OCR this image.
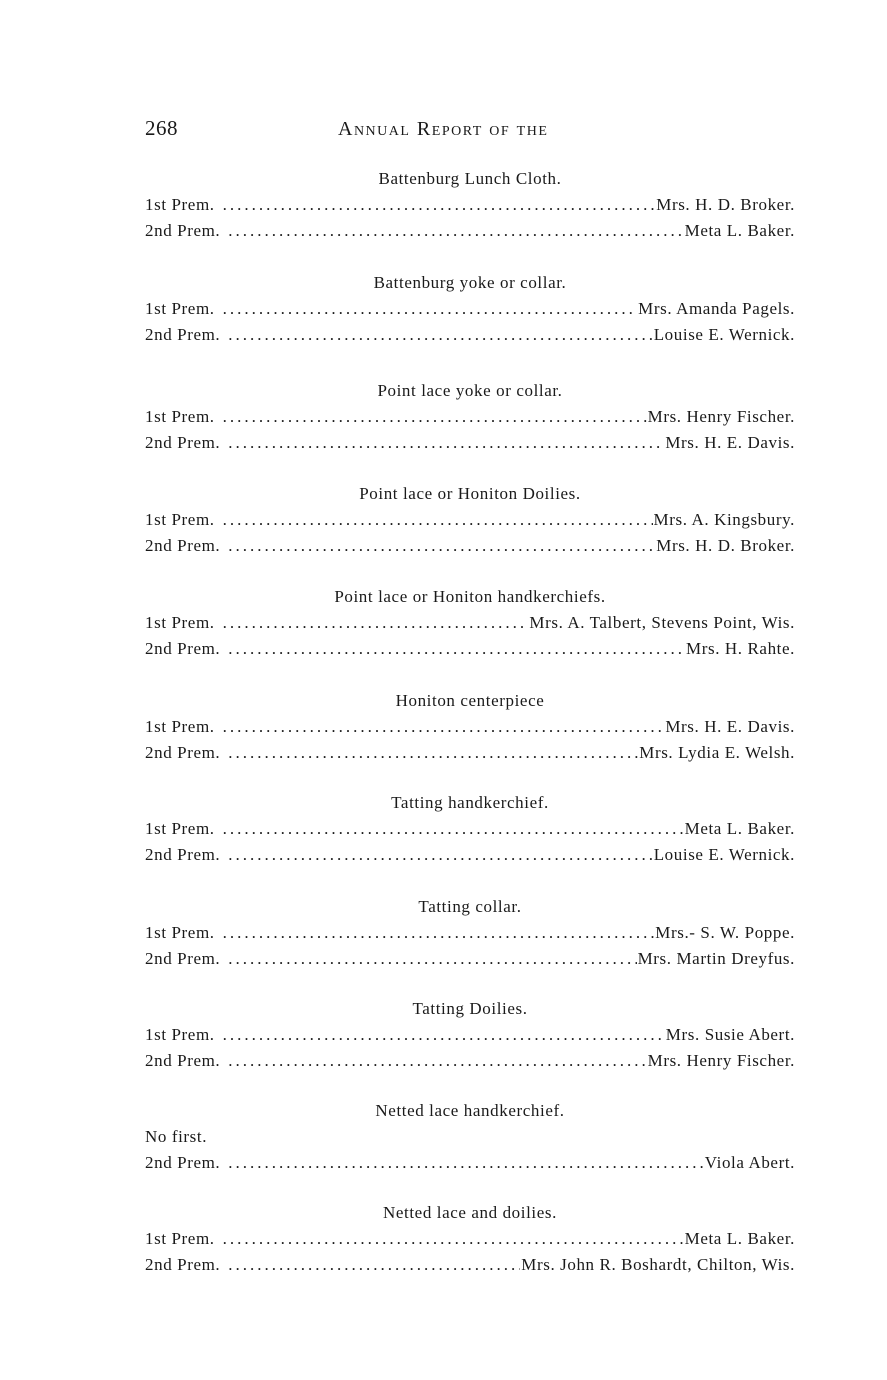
268	Annual Report of the
Battenburg Lunch Cloth.
1st Prem. .....	Mrs. H. D. Broker.
2nd Prem. .....	Meta L. Baker.
Battenburg yoke or collar.
1st Prem. .....	Mrs. Amanda Pagels.
2nd Prem. .....	Louise E. Wernick.
Point lace yoke or collar.
1st Prem. .....	Mrs. Henry Fischer.
2nd Prem. .....	Mrs. H. E. Davis.
Point lace or Honiton Doilies.
1st Prem. .....	Mrs. A. Kingsbury.
2nd Prem. .....	Mrs. H. D. Broker.
Point lace or Honiton handkerchiefs.
1st Prem. .....	Mrs. A. Talbert, Stevens Point, Wis.
2nd Prem. .....	Mrs. H. Rahte.
Honiton centerpiece
1st Prem. .....	Mrs. H. E. Davis.
2nd Prem. .....	Mrs. Lydia E. Welsh.
Tatting handkerchief.
1st Prem. .....	Meta L. Baker.
2nd Prem. .....	Louise E. Wernick.
Tatting collar.
1st Prem. .....	Mrs.- S. W. Poppe.
2nd Prem. .....	Mrs. Martin Dreyfus.
Tatting Doilies.
1st Prem. .....	Mrs. Susie Abert.
2nd Prem. .....	Mrs. Henry Fischer.
Netted lace handkerchief.
No first.
2nd Prem. .....	Viola Abert.
Netted lace and doilies.
1st Prem. .....	Meta L. Baker.
2nd Prem. .....	Mrs. John R. Boshardt, Chilton, Wis.
